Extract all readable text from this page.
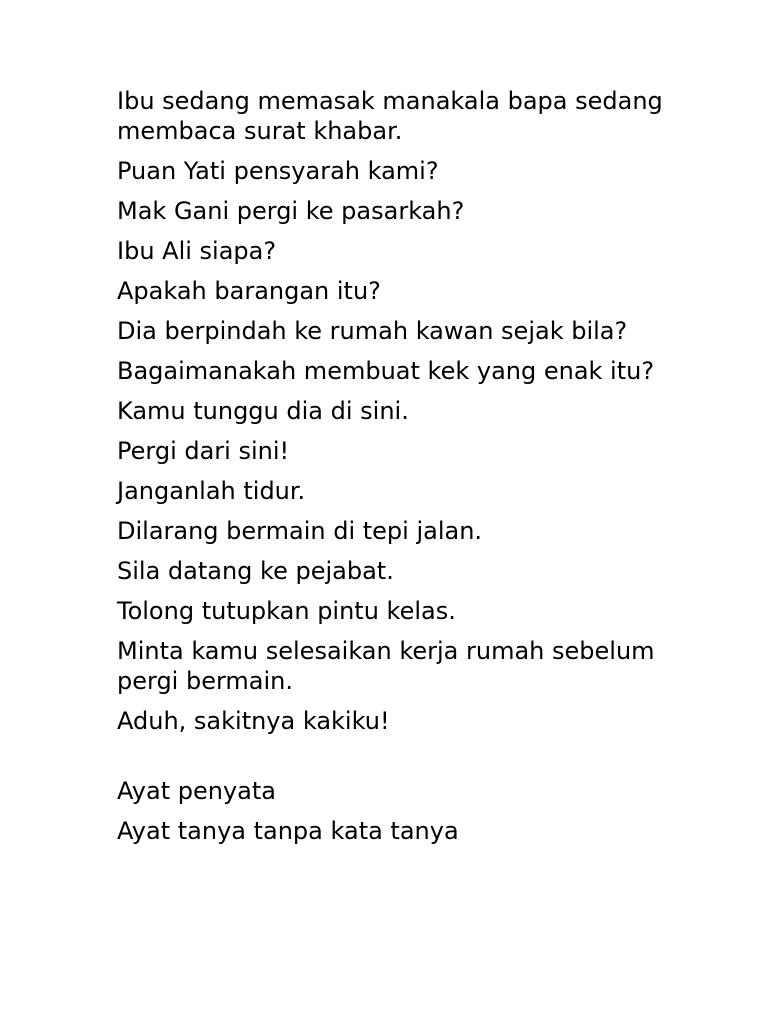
Ibu sedang memasak manakala bapa sedang membaca surat khabar.

Puan Yati pensyarah kami?

Mak Gani pergi ke pasarkah?

Ibu Ali siapa?

Apakah barangan itu?

Dia berpindah ke rumah kawan sejak bila?

Bagaimanakah membuat kek yang enak itu?

Kamu tunggu dia di sini.

Pergi dari sini!

Janganlah tidur.

Dilarang bermain di tepi jalan.

Sila datang ke pejabat.

Tolong tutupkan pintu kelas.

Minta kamu selesaikan kerja rumah sebelum pergi bermain.

Aduh, sakitnya kakiku!

Ayat penyata

Ayat tanya tanpa kata tanya
